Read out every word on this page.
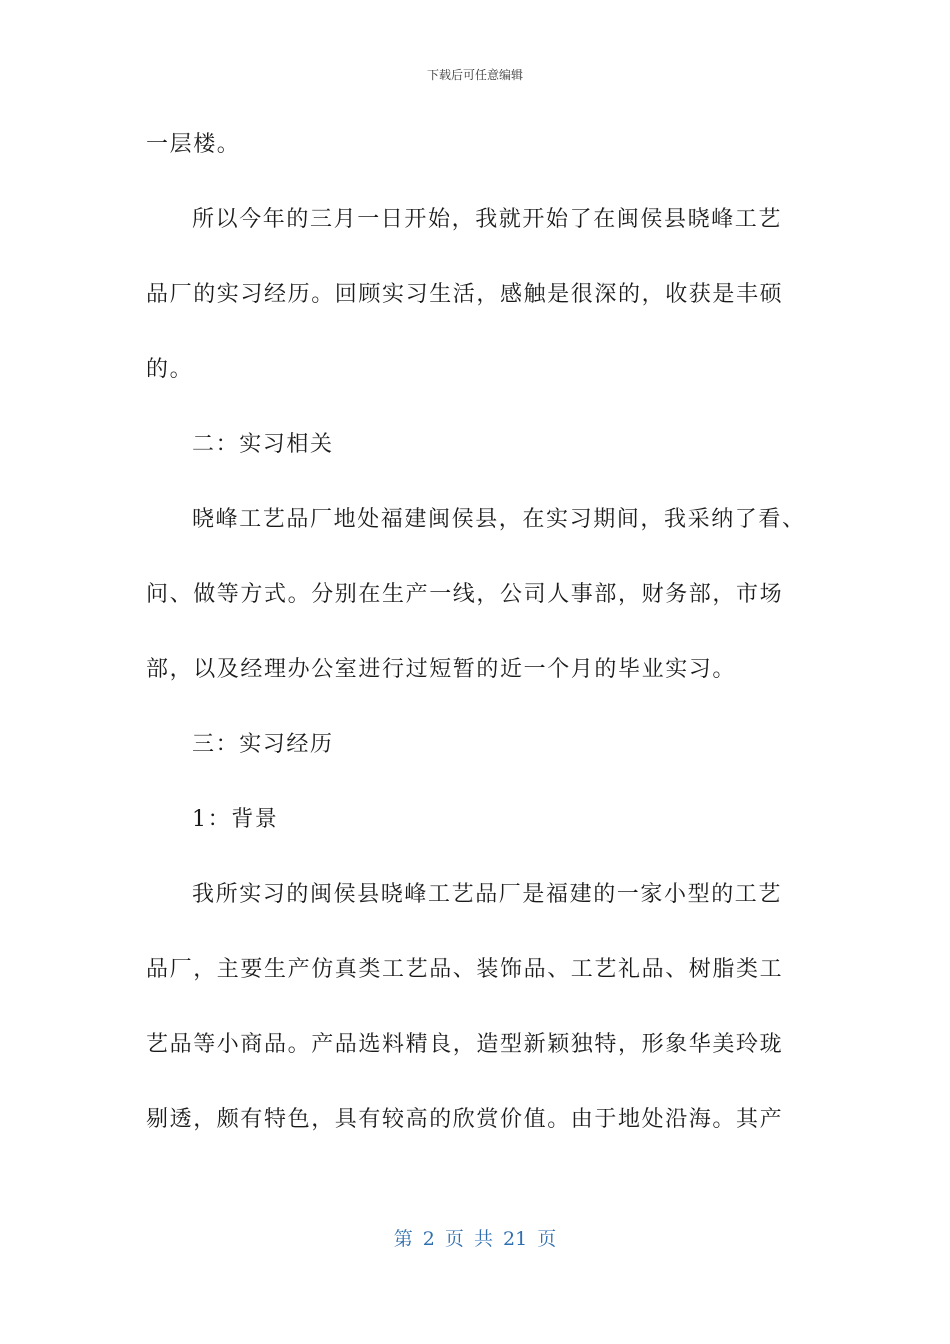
下载后可任意编辑
一层楼。
所以今年的三月一日开始，我就开始了在闽侯县晓峰工艺
品厂的实习经历。回顾实习生活，感触是很深的，收获是丰硕
的。
二：实习相关
晓峰工艺品厂地处福建闽侯县，在实习期间，我采纳了看、
问、做等方式。分别在生产一线，公司人事部，财务部，市场
部，以及经理办公室进行过短暂的近一个月的毕业实习。
三：实习经历
1：背景
我所实习的闽侯县晓峰工艺品厂是福建的一家小型的工艺
品厂，主要生产仿真类工艺品、装饰品、工艺礼品、树脂类工
艺品等小商品。产品选料精良，造型新颖独特，形象华美玲珑
剔透，颇有特色，具有较高的欣赏价值。由于地处沿海。其产
第 2 页 共 21 页
